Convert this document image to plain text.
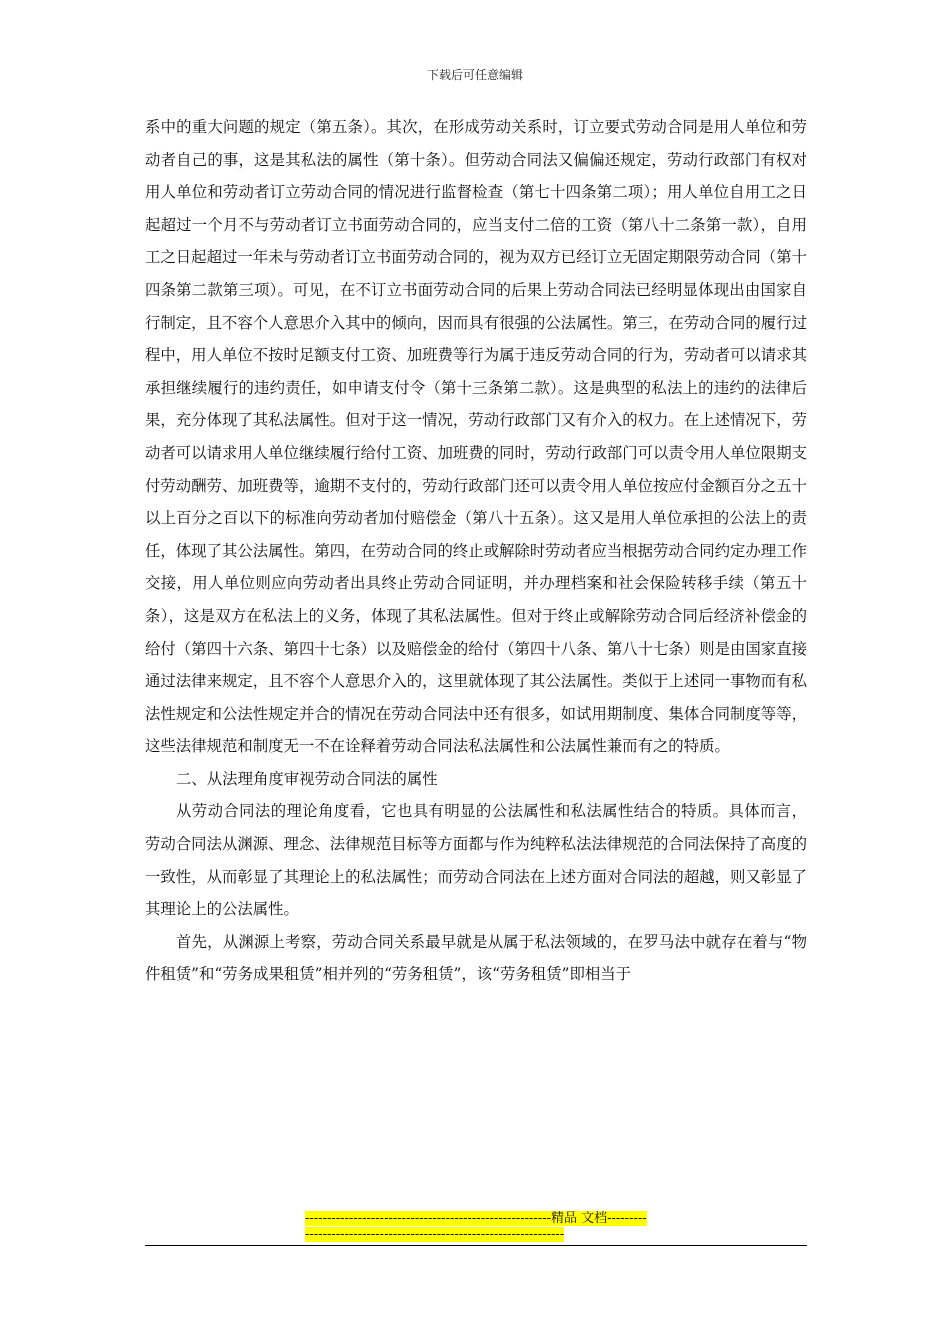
下载后可任意编辑

系中的重大问题的规定（第五条）。其次，在形成劳动关系时，订立要式劳动合同是用人单位和劳动者自己的事，这是其私法的属性（第十条）。但劳动合同法又偏偏还规定，劳动行政部门有权对用人单位和劳动者订立劳动合同的情况进行监督检查（第七十四条第二项）；用人单位自用工之日起超过一个月不与劳动者订立书面劳动合同的，应当支付二倍的工资（第八十二条第一款），自用工之日起超过一年未与劳动者订立书面劳动合同的，视为双方已经订立无固定期限劳动合同（第十四条第二款第三项）。可见，在不订立书面劳动合同的后果上劳动合同法已经明显体现出由国家自行制定，且不容个人意思介入其中的倾向，因而具有很强的公法属性。第三，在劳动合同的履行过程中，用人单位不按时足额支付工资、加班费等行为属于违反劳动合同的行为，劳动者可以请求其承担继续履行的违约责任，如申请支付令（第十三条第二款）。这是典型的私法上的违约的法律后果，充分体现了其私法属性。但对于这一情况，劳动行政部门又有介入的权力。在上述情况下，劳动者可以请求用人单位继续履行给付工资、加班费的同时，劳动行政部门可以责令用人单位限期支付劳动酬劳、加班费等，逾期不支付的，劳动行政部门还可以责令用人单位按应付金额百分之五十以上百分之百以下的标准向劳动者加付赔偿金（第八十五条）。这又是用人单位承担的公法上的责任，体现了其公法属性。第四，在劳动合同的终止或解除时劳动者应当根据劳动合同约定办理工作交接，用人单位则应向劳动者出具终止劳动合同证明，并办理档案和社会保险转移手续（第五十条），这是双方在私法上的义务，体现了其私法属性。但对于终止或解除劳动合同后经济补偿金的给付（第四十六条、第四十七条）以及赔偿金的给付（第四十八条、第八十七条）则是由国家直接通过法律来规定，且不容个人意思介入的，这里就体现了其公法属性。类似于上述同一事物而有私法性规定和公法性规定并合的情况在劳动合同法中还有很多，如试用期制度、集体合同制度等等，这些法律规范和制度无一不在诠释着劳动合同法私法属性和公法属性兼而有之的特质。

二、从法理角度审视劳动合同法的属性

从劳动合同法的理论角度看，它也具有明显的公法属性和私法属性结合的特质。具体而言，劳动合同法从渊源、理念、法律规范目标等方面都与作为纯粹私法法律规范的合同法保持了高度的一致性，从而彰显了其理论上的私法属性；而劳动合同法在上述方面对合同法的超越，则又彰显了其理论上的公法属性。

首先，从渊源上考察，劳动合同关系最早就是从属于私法领域的，在罗马法中就存在着与“物件租赁”和“劳务成果租赁”相并列的“劳务租赁”，该“劳务租赁”即相当于

--------------------------------------------------------精品 文档--------------------------------------------------------------------
